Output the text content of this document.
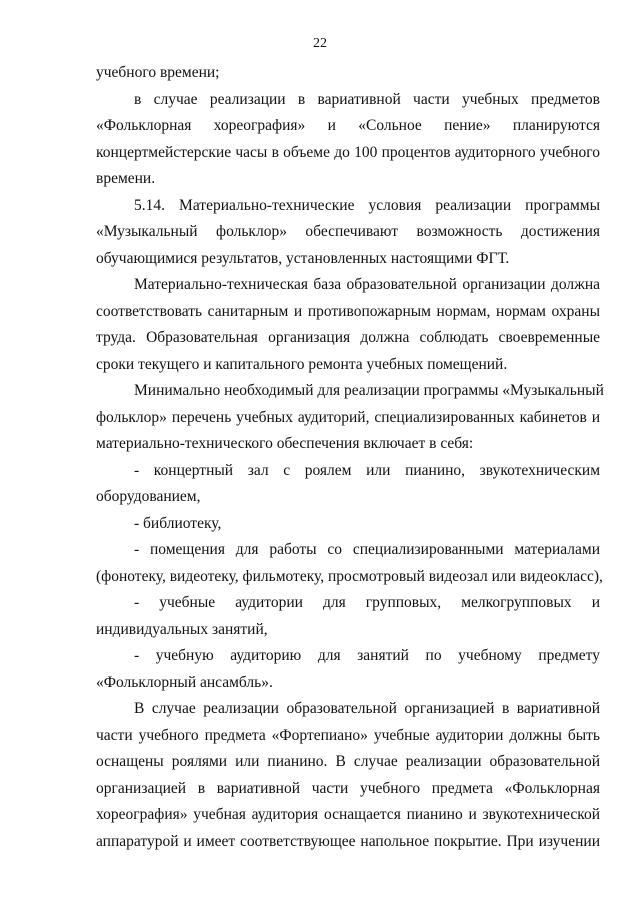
22
учебного времени;
в случае реализации в вариативной части учебных предметов
«Фольклорная хореография» и «Сольное пение» планируются
концертмейстерские часы в объеме до 100 процентов аудиторного учебного
времени.
5.14. Материально-технические условия реализации программы
«Музыкальный фольклор» обеспечивают возможность достижения
обучающимися результатов, установленных настоящими ФГТ.
Материально-техническая база образовательной организации должна
соответствовать санитарным и противопожарным нормам, нормам охраны
труда. Образовательная организация должна соблюдать своевременные
сроки текущего и капитального ремонта учебных помещений.
Минимально необходимый для реализации программы «Музыкальный
фольклор» перечень учебных аудиторий, специализированных кабинетов и
материально-технического обеспечения включает в себя:
- концертный зал с роялем или пианино, звукотехническим
оборудованием,
- библиотеку,
- помещения для работы со специализированными материалами
(фонотеку, видеотеку, фильмотеку, просмотровый видеозал или видеокласс),
- учебные аудитории для групповых, мелкогрупповых и
индивидуальных занятий,
- учебную аудиторию для занятий по учебному предмету
«Фольклорный ансамбль».
В случае реализации образовательной организацией в вариативной
части учебного предмета «Фортепиано» учебные аудитории должны быть
оснащены роялями или пианино. В случае реализации образовательной
организацией в вариативной части учебного предмета «Фольклорная
хореография» учебная аудитория оснащается пианино и звукотехнической
аппаратурой и имеет соответствующее напольное покрытие. При изучении
